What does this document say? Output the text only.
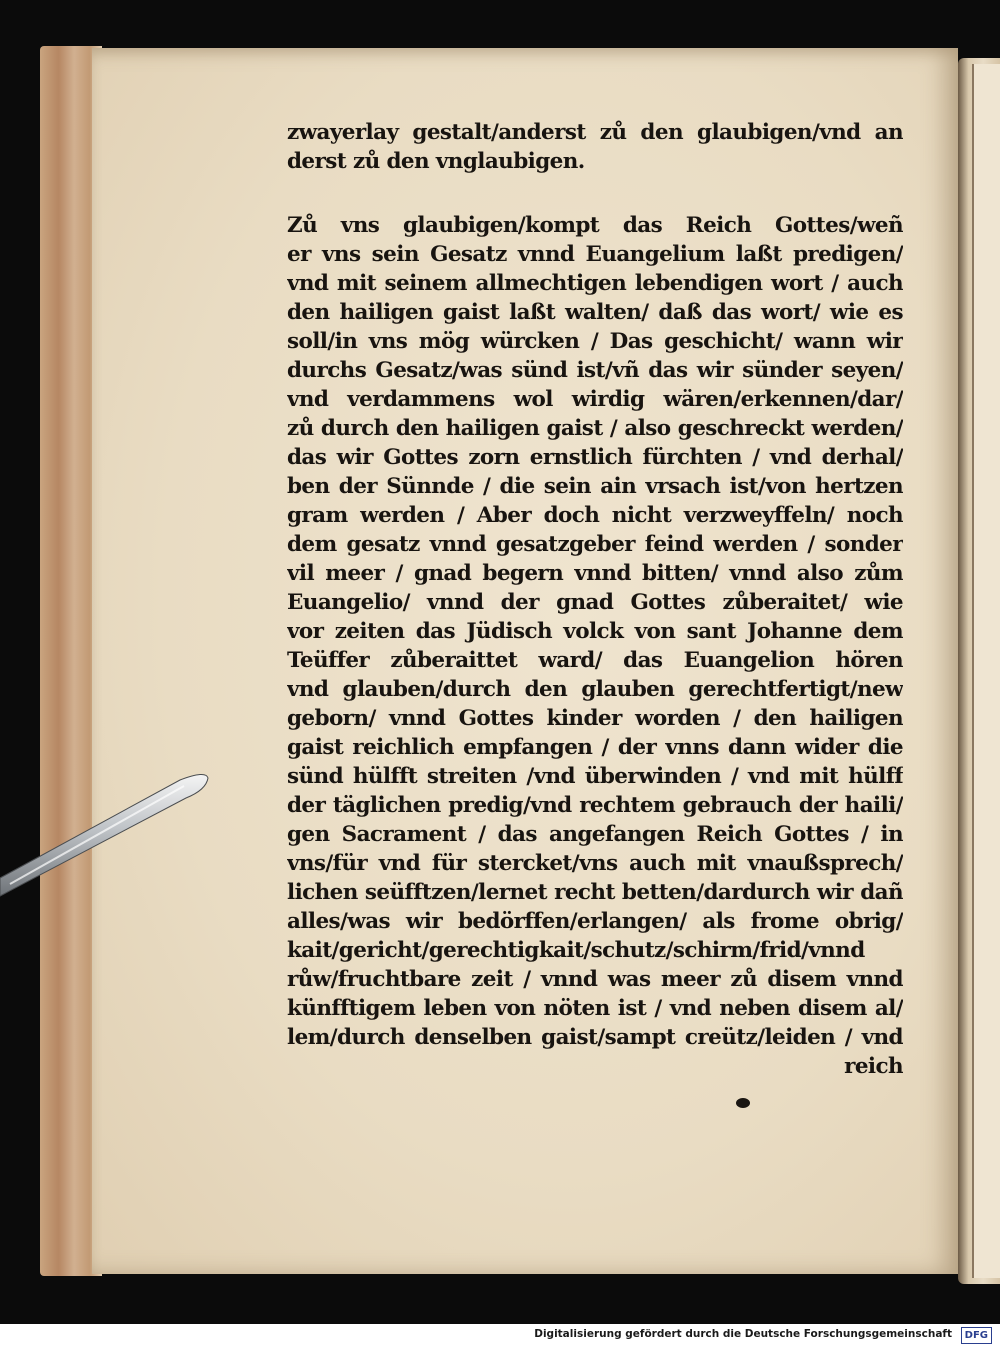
zwayerlay gestalt/anderst zů den glaubigen/vnd an
derst zů den vnglaubigen.
Zů vns glaubigen/kompt das Reich Gottes/weñ
er vns sein Gesatz vnnd Euangelium laßt predigen/
vnd mit seinem allmechtigen lebendigen wort / auch
den hailigen gaist laßt walten/ daß das wort/ wie es
soll/in vns mög würcken / Das geschicht/ wann wir
durchs Gesatz/was sünd ist/vñ das wir sünder seyen/
vnd verdammens wol wirdig wären/erkennen/dar/
zů durch den hailigen gaist / also geschreckt werden/
das wir Gottes zorn ernstlich fürchten / vnd derhal/
ben der Sünnde / die sein ain vrsach ist/von hertzen
gram werden / Aber doch nicht verzweyffeln/ noch
dem gesatz vnnd gesatzgeber feind werden / sonder
vil meer / gnad begern vnnd bitten/ vnnd also zům
Euangelio/ vnnd der gnad Gottes zůberaitet/ wie
vor zeiten das Jüdisch volck von sant Johanne dem
Teüffer zůberaittet ward/ das Euangelion hören
vnd glauben/durch den glauben gerechtfertigt/new
geborn/ vnnd Gottes kinder worden / den hailigen
gaist reichlich empfangen / der vnns dann wider die
sünd hülfft streiten /vnd überwinden / vnd mit hülff
der täglichen predig/vnd rechtem gebrauch der haili/
gen Sacrament / das angefangen Reich Gottes / in
vns/für vnd für stercket/vns auch mit vnaußsprech/
lichen seüfftzen/lernet recht betten/dardurch wir dañ
alles/was wir bedörffen/erlangen/ als frome obrig/
kait/gericht/gerechtigkait/schutz/schirm/frid/vnnd
růw/fruchtbare zeit / vnnd was meer zů disem vnnd
künfftigem leben von nöten ist / vnd neben disem al/
lem/durch denselben gaist/sampt creütz/leiden / vnd
reich
Digitalisierung gefördert durch die Deutsche Forschungsgemeinschaft	DFG
